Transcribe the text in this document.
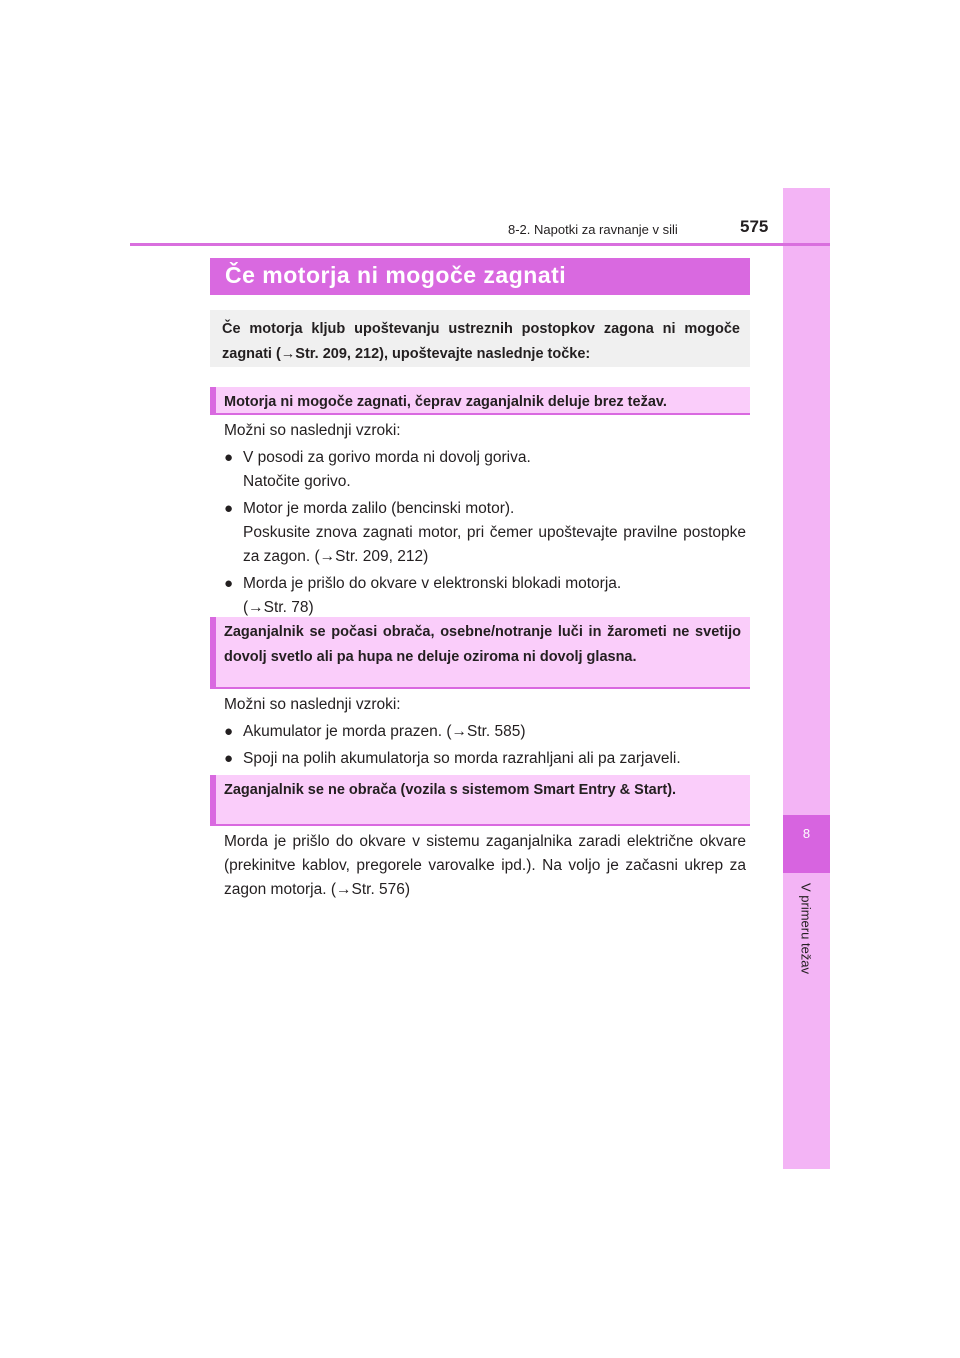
8
V primeru težav
8-2. Napotki za ravnanje v sili	575
Če motorja ni mogoče zagnati
Če motorja kljub upoštevanju ustreznih postopkov zagona ni mogoče zagnati (→Str. 209, 212), upoštevajte naslednje točke:
Motorja ni mogoče zagnati, čeprav zaganjalnik deluje brez težav.
Možni so naslednji vzroki:
● V posodi za gorivo morda ni dovolj goriva.
Natočite gorivo.
● Motor je morda zalilo (bencinski motor).
Poskusite znova zagnati motor, pri čemer upoštevajte pravilne postopke za zagon. (→Str. 209, 212)
● Morda je prišlo do okvare v elektronski blokadi motorja.
(→Str. 78)
Zaganjalnik se počasi obrača, osebne/notranje luči in žarometi ne svetijo dovolj svetlo ali pa hupa ne deluje oziroma ni dovolj glasna.
Možni so naslednji vzroki:
● Akumulator je morda prazen. (→Str. 585)
● Spoji na polih akumulatorja so morda razrahljani ali pa zarjaveli.
Zaganjalnik se ne obrača (vozila s sistemom Smart Entry & Start).
Morda je prišlo do okvare v sistemu zaganjalnika zaradi električne okvare (prekinitve kablov, pregorele varovalke ipd.). Na voljo je začasni ukrep za zagon motorja. (→Str. 576)
